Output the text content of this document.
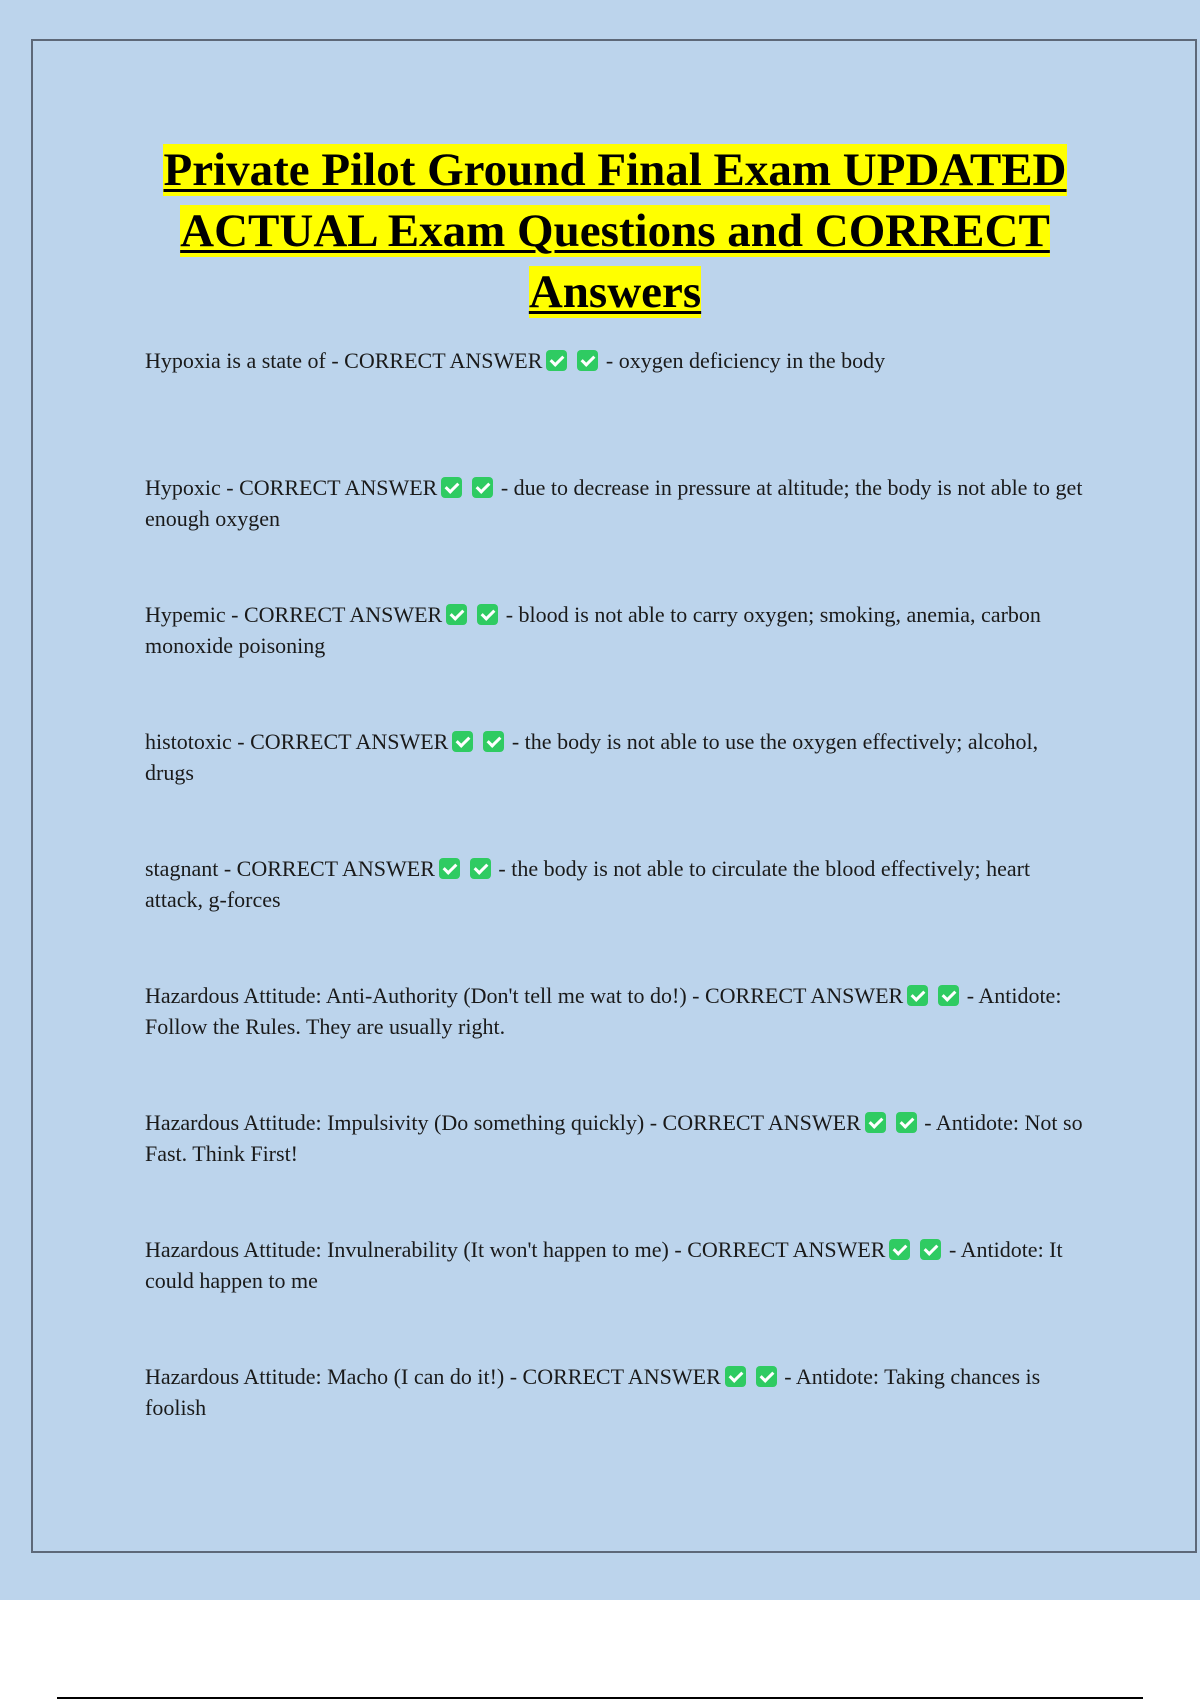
Private Pilot Ground Final Exam UPDATED
ACTUAL Exam Questions and CORRECT
Answers
Hypoxia is a state of - CORRECT ANSWER	- oxygen deficiency in the body
Hypoxic - CORRECT ANSWER	- due to decrease in pressure at altitude; the body is not able to get enough oxygen
Hypemic - CORRECT ANSWER	- blood is not able to carry oxygen; smoking, anemia, carbon monoxide poisoning
histotoxic - CORRECT ANSWER	- the body is not able to use the oxygen effectively; alcohol, drugs
stagnant - CORRECT ANSWER	- the body is not able to circulate the blood effectively; heart attack, g-forces
Hazardous Attitude: Anti-Authority (Don't tell me wat to do!) - CORRECT ANSWER	- Antidote: Follow the Rules. They are usually right.
Hazardous Attitude: Impulsivity (Do something quickly) - CORRECT ANSWER	- Antidote: Not so Fast. Think First!
Hazardous Attitude: Invulnerability (It won't happen to me) - CORRECT ANSWER	- Antidote: It could happen to me
Hazardous Attitude: Macho (I can do it!) - CORRECT ANSWER	- Antidote: Taking chances is foolish
